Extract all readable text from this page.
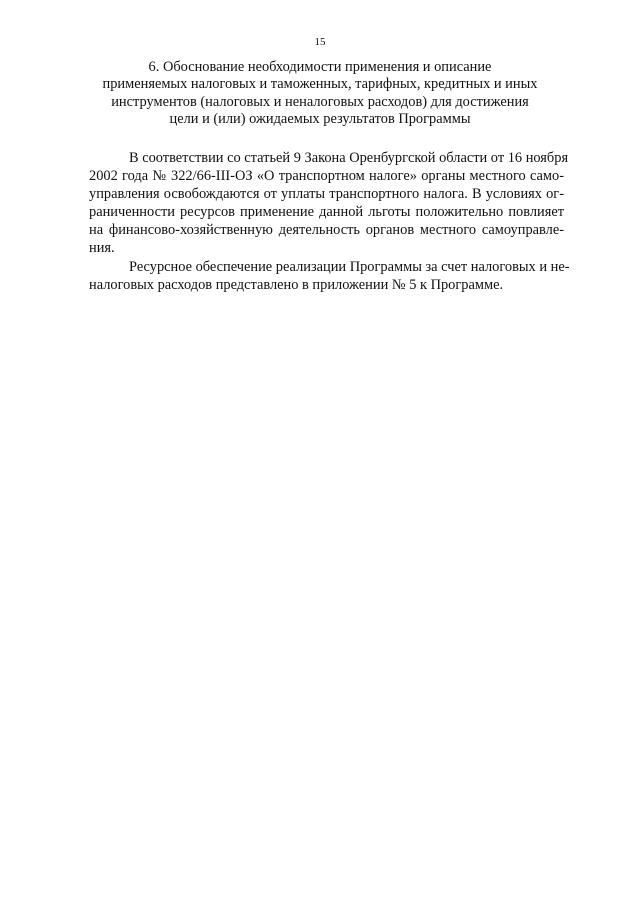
15
6. Обоснование необходимости применения и описание
применяемых налоговых и таможенных, тарифных, кредитных и иных
инструментов (налоговых и неналоговых расходов) для достижения
цели и (или) ожидаемых результатов Программы
В соответствии со статьей 9 Закона Оренбургской области от 16 ноября
2002 года № 322/66-III-ОЗ «О транспортном налоге» органы местного само-
управления освобождаются от уплаты транспортного налога. В условиях ог-
раниченности ресурсов применение данной льготы положительно повлияет
на финансово-хозяйственную деятельность органов местного самоуправле-
ния.
Ресурсное обеспечение реализации Программы за счет налоговых и не-
налоговых расходов представлено в приложении № 5 к Программе.
